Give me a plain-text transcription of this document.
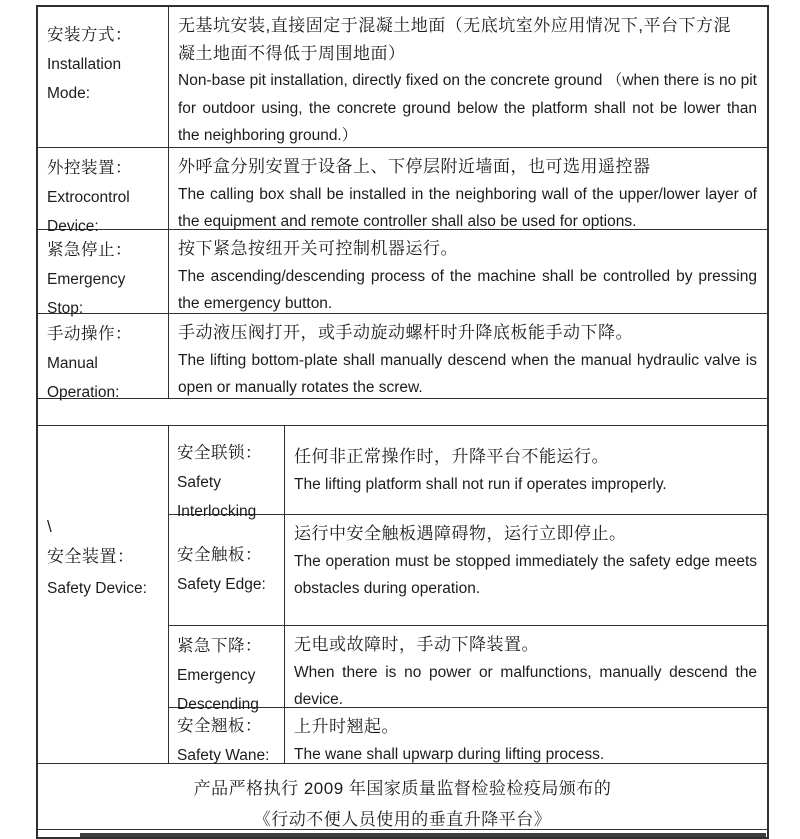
安装方式：
Installation
Mode:
无基坑安装,直接固定于混凝土地面（无底坑室外应用情况下,平台下方混
凝土地面不得低于周围地面）

Non-base pit installation, directly fixed on the concrete ground （when there is no pit for outdoor using, the concrete ground below the platform shall not be lower than the neighboring ground.）

外控装置：
Extrocontrol
Device:
外呼盒分别安置于设备上、下停层附近墙面，也可选用遥控器

The calling box shall be installed in the neighboring wall of the upper/lower layer of the equipment and remote controller shall also be used for options.

紧急停止：
Emergency
Stop:
按下紧急按纽开关可控制机器运行。

The ascending/descending process of the machine shall be controlled by pressing the emergency button.

手动操作：
Manual
Operation:
手动液压阀打开，或手动旋动螺杆时升降底板能手动下降。

The lifting bottom-plate shall manually descend when the manual hydraulic valve is open or manually rotates the screw.

\
安全装置：
Safety Device:
安全联锁：
Safety
Interlocking
任何非正常操作时，升降平台不能运行。

The lifting platform shall not run if operates improperly.

安全触板：
Safety Edge:
运行中安全触板遇障碍物，运行立即停止。

The operation must be stopped immediately the safety edge meets obstacles during operation.

紧急下降：
Emergency
Descending
无电或故障时，手动下降装置。

When there is no power or malfunctions, manually descend the device.

安全翘板：
Safety Wane:
上升时翘起。

The wane shall upwarp during lifting process.

产品严格执行 2009 年国家质量监督检验检疫局颁布的
《行动不便人员使用的垂直升降平台》
